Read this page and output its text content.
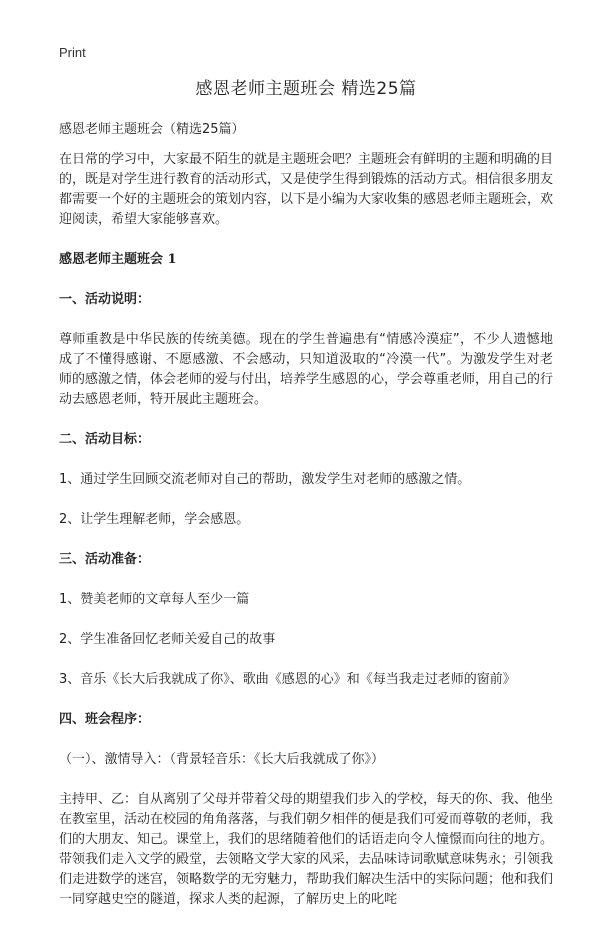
Print
感恩老师主题班会 精选25篇

感恩老师主题班会（精选25篇）

在日常的学习中，大家最不陌生的就是主题班会吧？主题班会有鲜明的主题和明确的目的，既是对学生进行教育的活动形式，又是使学生得到锻炼的活动方式。相信很多朋友都需要一个好的主题班会的策划内容，以下是小编为大家收集的感恩老师主题班会，欢迎阅读，希望大家能够喜欢。

感恩老师主题班会 1

一、活动说明：

尊师重教是中华民族的传统美德。现在的学生普遍患有“情感冷漠症”，不少人遗憾地成了不懂得感谢、不愿感激、不会感动，只知道汲取的“冷漠一代”。为激发学生对老师的感激之情，体会老师的爱与付出，培养学生感恩的心，学会尊重老师，用自己的行动去感恩老师，特开展此主题班会。

二、活动目标：

1、通过学生回顾交流老师对自己的帮助，激发学生对老师的感激之情。

2、让学生理解老师，学会感恩。

三、活动准备：

1、赞美老师的文章每人至少一篇

2、学生准备回忆老师关爱自己的故事

3、音乐《长大后我就成了你》、歌曲《感恩的心》和《每当我走过老师的窗前》

四、班会程序：

（一）、激情导入：（背景轻音乐：《长大后我就成了你》）

主持甲、乙：自从离别了父母并带着父母的期望我们步入的学校，每天的你、我、他坐在教室里，活动在校园的角角落落，与我们朝夕相伴的便是我们可爱而尊敬的老师，我们的大朋友、知己。课堂上，我们的思绪随着他们的话语走向令人憧憬而向往的地方。带领我们走入文学的殿堂，去领略文学大家的风采，去品味诗词歌赋意味隽永；引领我们走进数学的迷宫，领略数学的无穷魅力，帮助我们解决生活中的实际问题；他和我们一同穿越史空的隧道，探求人类的起源，了解历史上的叱咤
